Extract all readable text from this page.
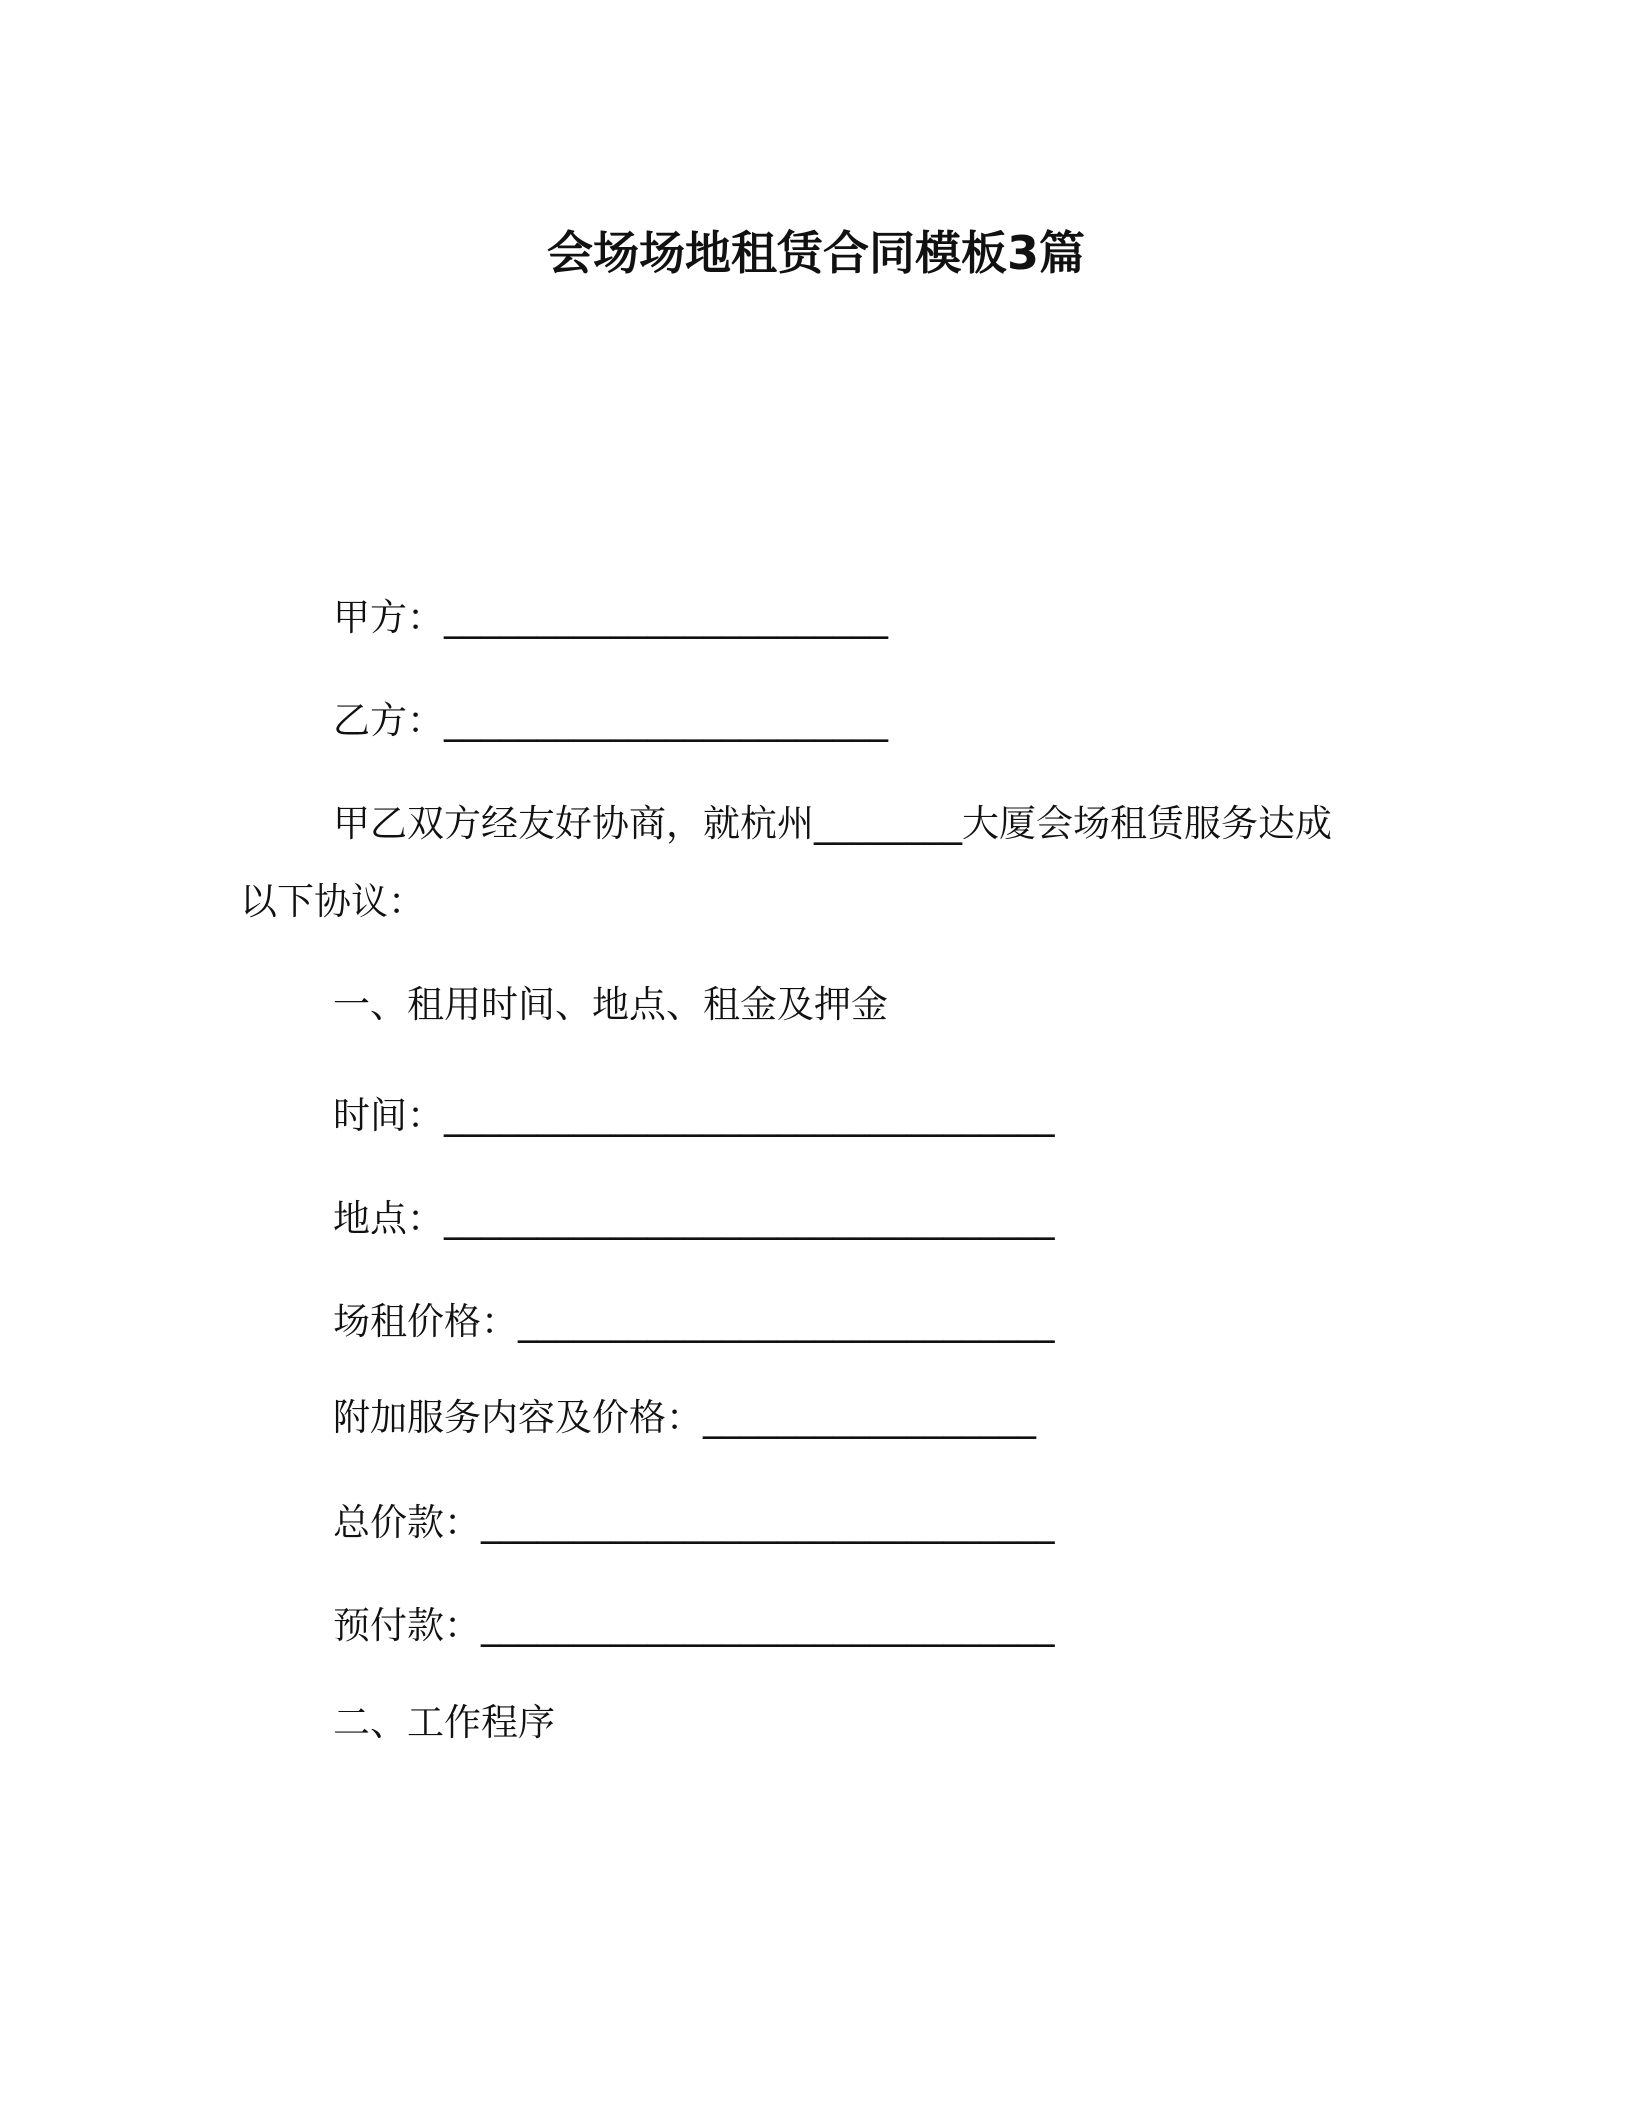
会场场地租赁合同模板3篇
甲方：________________________
乙方：________________________
甲乙双方经友好协商，就杭州________大厦会场租赁服务达成
以下协议：
一、租用时间、地点、租金及押金
时间：_________________________________
地点：_________________________________
场租价格：_____________________________
附加服务内容及价格：__________________
总价款：_______________________________
预付款：_______________________________
二、工作程序
